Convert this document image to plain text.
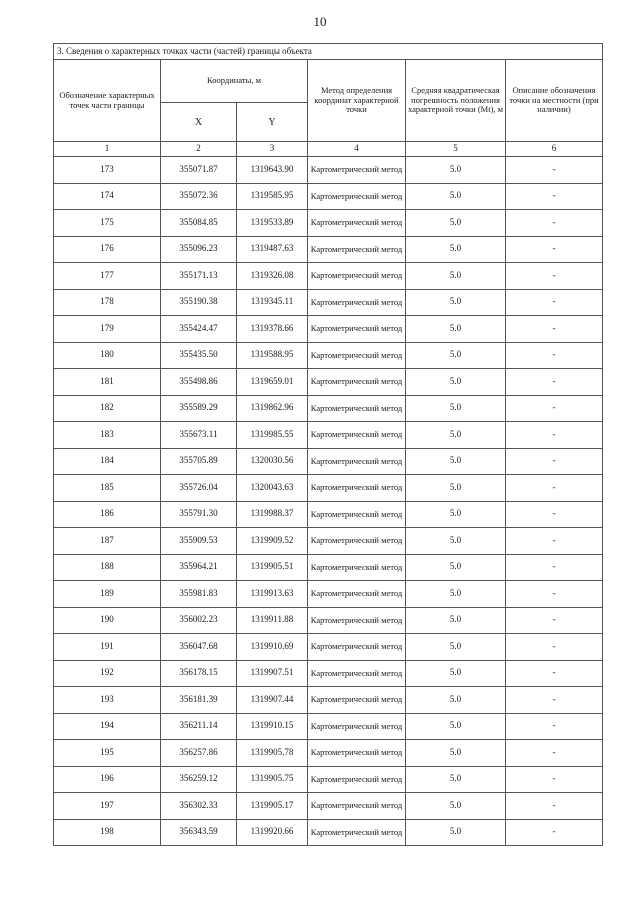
10
3. Сведения о характерных точках части (частей) границы объекта					
Обозначение характерных точек части границы	Координаты, м		Метод определения координат характерной точки	Средняя квадратическая погрешность положения характерной точки (Mt), м	Описание обозначения точки на местности (при наличии)
	X	Y			
1	2	3	4	5	6
173	355071.87	1319643.90	Картометрический метод	5.0	-
174	355072.36	1319585.95	Картометрический метод	5.0	-
175	355084.85	1319533.89	Картометрический метод	5.0	-
176	355096.23	1319487.63	Картометрический метод	5.0	-
177	355171.13	1319326.08	Картометрический метод	5.0	-
178	355190.38	1319345.11	Картометрический метод	5.0	-
179	355424.47	1319378.66	Картометрический метод	5.0	-
180	355435.50	1319588.95	Картометрический метод	5.0	-
181	355498.86	1319659.01	Картометрический метод	5.0	-
182	355589.29	1319862.96	Картометрический метод	5.0	-
183	355673.11	1319985.55	Картометрический метод	5.0	-
184	355705.89	1320030.56	Картометрический метод	5.0	-
185	355726.04	1320043.63	Картометрический метод	5.0	-
186	355791.30	1319988.37	Картометрический метод	5.0	-
187	355909.53	1319909.52	Картометрический метод	5.0	-
188	355964.21	1319905.51	Картометрический метод	5.0	-
189	355981.83	1319913.63	Картометрический метод	5.0	-
190	356002.23	1319911.88	Картометрический метод	5.0	-
191	356047.68	1319910.69	Картометрический метод	5.0	-
192	356178.15	1319907.51	Картометрический метод	5.0	-
193	356181.39	1319907.44	Картометрический метод	5.0	-
194	356211.14	1319910.15	Картометрический метод	5.0	-
195	356257.86	1319905.78	Картометрический метод	5.0	-
196	356259.12	1319905.75	Картометрический метод	5.0	-
197	356302.33	1319905.17	Картометрический метод	5.0	-
198	356343.59	1319920.66	Картометрический метод	5.0	-
